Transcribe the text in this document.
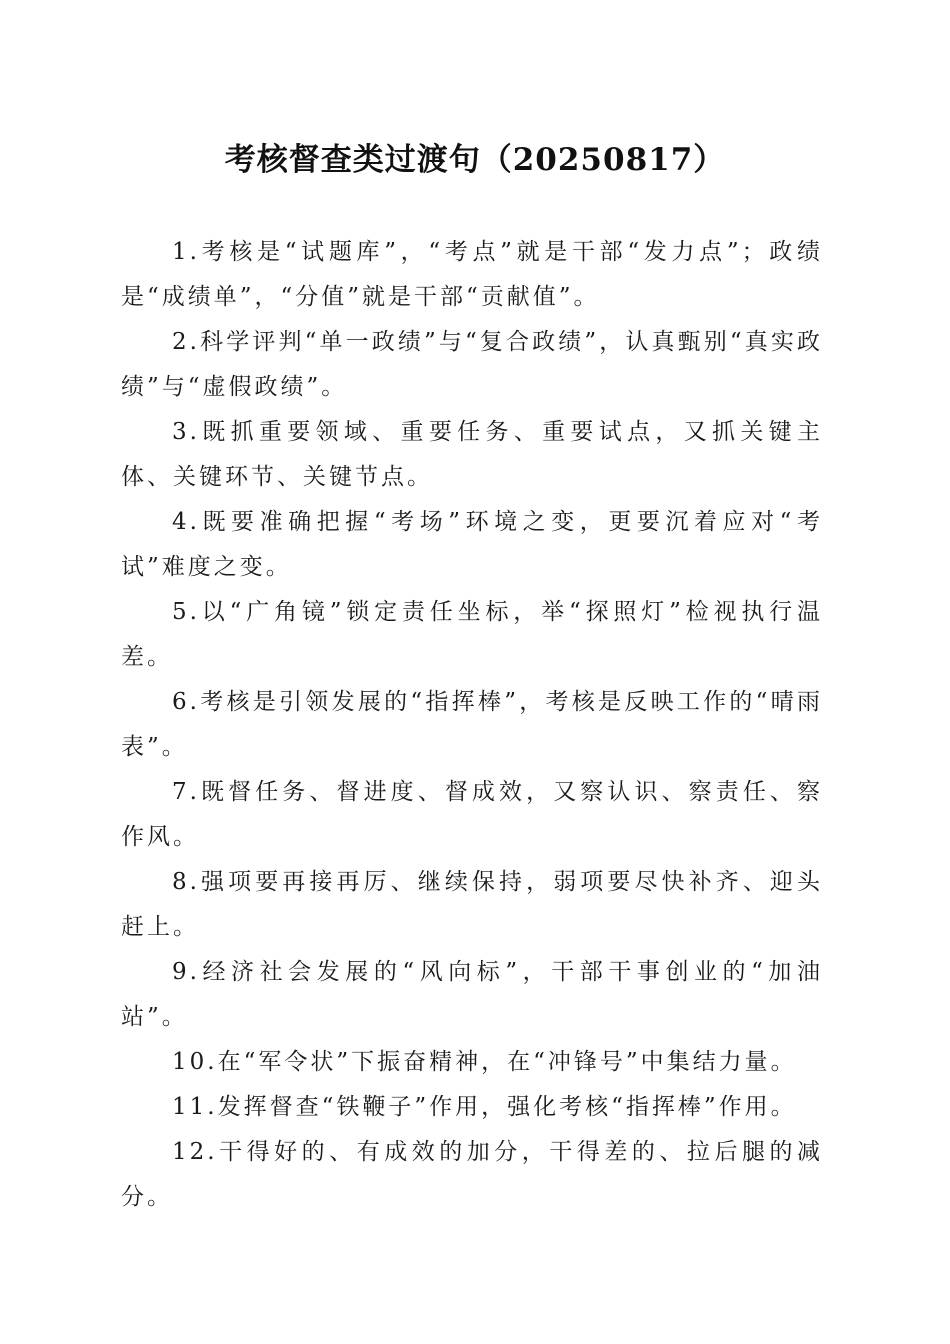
考核督查类过渡句（20250817）

1.考核是“试题库”，“考点”就是干部“发力点”；政绩是“成绩单”，“分值”就是干部“贡献值”。

2.科学评判“单一政绩”与“复合政绩”，认真甄别“真实政绩”与“虚假政绩”。

3.既抓重要领域、重要任务、重要试点，又抓关键主体、关键环节、关键节点。

4.既要准确把握“考场”环境之变，更要沉着应对“考试”难度之变。

5.以“广角镜”锁定责任坐标，举“探照灯”检视执行温差。

6.考核是引领发展的“指挥棒”，考核是反映工作的“晴雨表”。

7.既督任务、督进度、督成效，又察认识、察责任、察作风。

8.强项要再接再厉、继续保持，弱项要尽快补齐、迎头赶上。

9.经济社会发展的“风向标”，干部干事创业的“加油站”。

10.在“军令状”下振奋精神，在“冲锋号”中集结力量。

11.发挥督查“铁鞭子”作用，强化考核“指挥棒”作用。

12.干得好的、有成效的加分，干得差的、拉后腿的减分。
